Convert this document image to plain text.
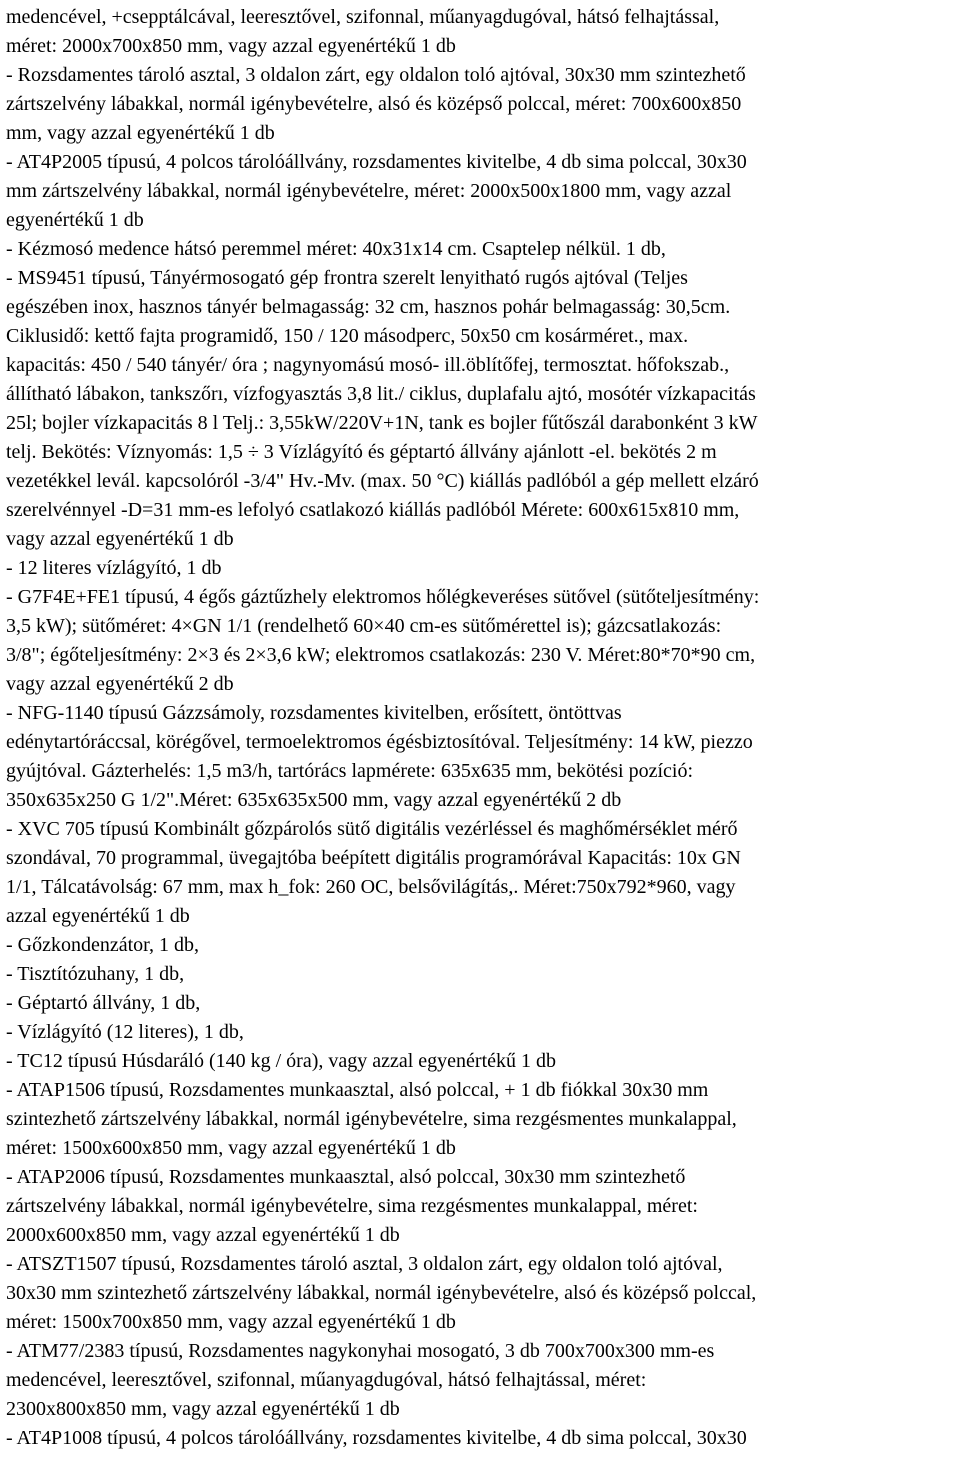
medencével, +csepptálcával, leeresztővel, szifonnal, műanyagdugóval, hátsó felhajtással,
méret: 2000x700x850 mm, vagy azzal egyenértékű 1 db
- Rozsdamentes tároló asztal, 3 oldalon zárt, egy oldalon toló ajtóval, 30x30 mm szintezhető
zártszelvény lábakkal, normál igénybevételre, alsó és középső polccal, méret: 700x600x850
mm, vagy azzal egyenértékű 1 db
- AT4P2005 típusú, 4 polcos tárolóállvány, rozsdamentes kivitelbe, 4 db sima polccal, 30x30
mm zártszelvény lábakkal, normál igénybevételre, méret: 2000x500x1800 mm, vagy azzal
egyenértékű 1 db
- Kézmosó medence hátsó peremmel méret: 40x31x14 cm. Csaptelep nélkül. 1 db,
- MS9451 típusú, Tányérmosogató gép frontra szerelt lenyitható rugós ajtóval (Teljes
egészében inox, hasznos tányér belmagasság: 32 cm, hasznos pohár belmagasság: 30,5cm.
Ciklusidő: kettő fajta programidő, 150 / 120 másodperc, 50x50 cm kosárméret., max.
kapacitás: 450 / 540 tányér/ óra ; nagynyomású mosó- ill.öblítőfej, termosztat. hőfokszab.,
állítható lábakon, tankszőrı, vízfogyasztás 3,8 lit./ ciklus, duplafalu ajtó, mosótér vízkapacitás
25l; bojler vízkapacitás 8 l Telj.: 3,55kW/220V+1N, tank es bojler fűtőszál darabonként 3 kW
telj. Bekötés: Víznyomás: 1,5 ÷ 3 Vízlágyító és géptartó állvány ajánlott -el. bekötés 2 m
vezetékkel levál. kapcsolóról -3/4" Hv.-Mv. (max. 50 °C) kiállás padlóból a gép mellett elzáró
szerelvénnyel -D=31 mm-es lefolyó csatlakozó kiállás padlóból Mérete: 600x615x810 mm,
vagy azzal egyenértékű 1 db
- 12 literes vízlágyító, 1 db
- G7F4E+FE1 típusú, 4 égős gáztűzhely elektromos hőlégkeveréses sütővel (sütőteljesítmény:
3,5 kW); sütőméret: 4×GN 1/1 (rendelhető 60×40 cm-es sütőmérettel is); gázcsatlakozás:
3/8"; égőteljesítmény: 2×3 és 2×3,6 kW; elektromos csatlakozás: 230 V. Méret:80*70*90 cm,
vagy azzal egyenértékű 2 db
- NFG-1140 típusú Gázzsámoly, rozsdamentes kivitelben, erősített, öntöttvas
edénytartóráccsal, körégővel, termoelektromos égésbiztosítóval. Teljesítmény: 14 kW, piezzo
gyújtóval. Gázterhelés: 1,5 m3/h, tartórács lapmérete: 635x635 mm, bekötési pozíció:
350x635x250 G 1/2".Méret: 635x635x500 mm, vagy azzal egyenértékű 2 db
- XVC 705 típusú Kombinált gőzpárolós sütő digitális vezérléssel és maghőmérséklet mérő
szondával, 70 programmal, üvegajtóba beépített digitális programórával Kapacitás: 10x GN
1/1, Tálcatávolság: 67 mm, max h_fok: 260 OC, belsővilágítás,. Méret:750x792*960, vagy
azzal egyenértékű 1 db
- Gőzkondenzátor, 1 db,
- Tisztítózuhany, 1 db,
- Géptartó állvány, 1 db,
- Vízlágyító (12 literes), 1 db,
- TC12 típusú Húsdaráló (140 kg / óra), vagy azzal egyenértékű 1 db
- ATAP1506 típusú, Rozsdamentes munkaasztal, alsó polccal, + 1 db fiókkal 30x30 mm
szintezhető zártszelvény lábakkal, normál igénybevételre, sima rezgésmentes munkalappal,
méret: 1500x600x850 mm, vagy azzal egyenértékű 1 db
- ATAP2006 típusú, Rozsdamentes munkaasztal, alsó polccal, 30x30 mm szintezhető
zártszelvény lábakkal, normál igénybevételre, sima rezgésmentes munkalappal, méret:
2000x600x850 mm, vagy azzal egyenértékű 1 db
- ATSZT1507 típusú, Rozsdamentes tároló asztal, 3 oldalon zárt, egy oldalon toló ajtóval,
30x30 mm szintezhető zártszelvény lábakkal, normál igénybevételre, alsó és középső polccal,
méret: 1500x700x850 mm, vagy azzal egyenértékű 1 db
- ATM77/2383 típusú, Rozsdamentes nagykonyhai mosogató, 3 db 700x700x300 mm-es
medencével, leeresztővel, szifonnal, műanyagdugóval, hátsó felhajtással, méret:
2300x800x850 mm, vagy azzal egyenértékű 1 db
- AT4P1008 típusú, 4 polcos tárolóállvány, rozsdamentes kivitelbe, 4 db sima polccal, 30x30
